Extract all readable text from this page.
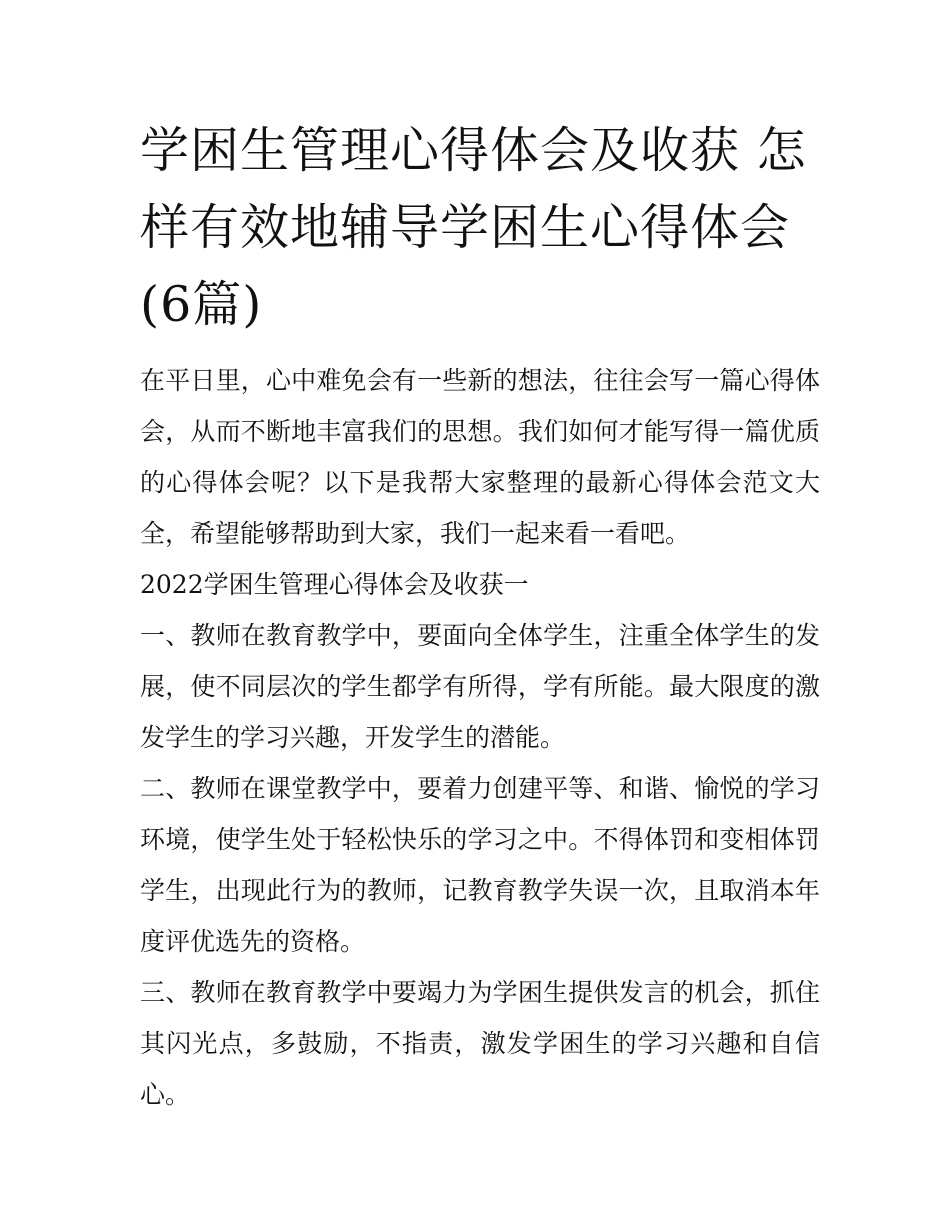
学困生管理心得体会及收获 怎样有效地辅导学困生心得体会(6篇)

在平日里，心中难免会有一些新的想法，往往会写一篇心得体会，从而不断地丰富我们的思想。我们如何才能写得一篇优质的心得体会呢？以下是我帮大家整理的最新心得体会范文大全，希望能够帮助到大家，我们一起来看一看吧。

2022学困生管理心得体会及收获一

一、教师在教育教学中，要面向全体学生，注重全体学生的发展，使不同层次的学生都学有所得，学有所能。最大限度的激发学生的学习兴趣，开发学生的潜能。

二、教师在课堂教学中，要着力创建平等、和谐、愉悦的学习环境，使学生处于轻松快乐的学习之中。不得体罚和变相体罚学生，出现此行为的教师，记教育教学失误一次，且取消本年度评优选先的资格。

三、教师在教育教学中要竭力为学困生提供发言的机会，抓住其闪光点，多鼓励，不指责，激发学困生的学习兴趣和自信心。
